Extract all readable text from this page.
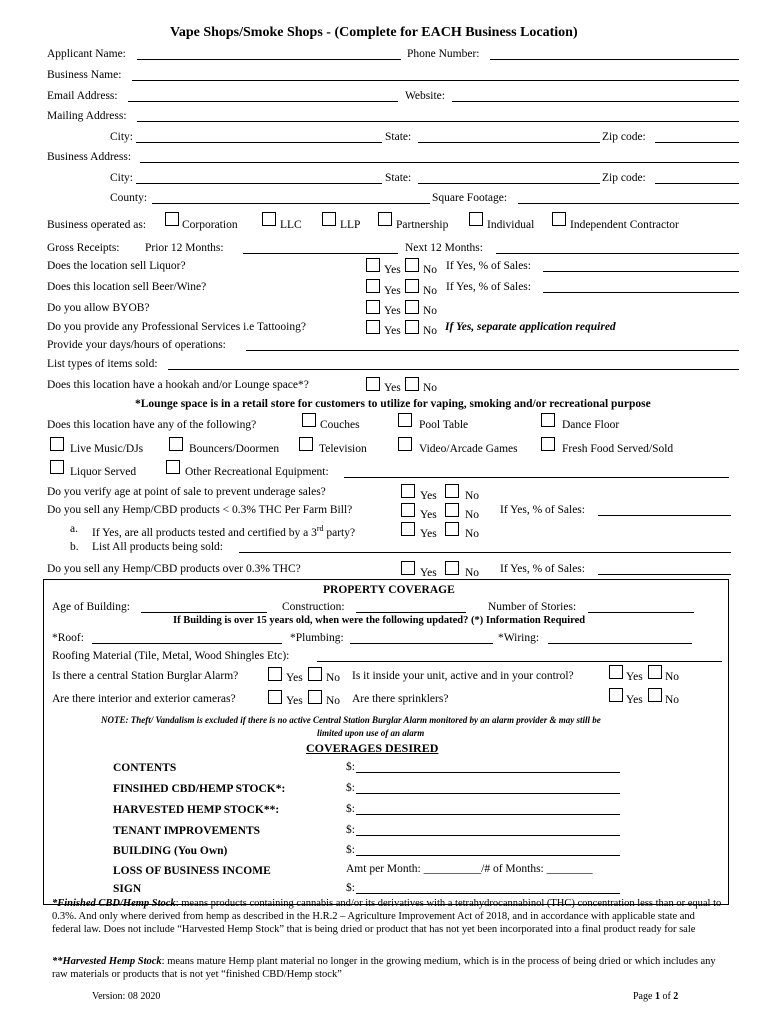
Vape Shops/Smoke Shops - (Complete for EACH Business Location)
Applicant Name:	Phone Number:
Business Name:
Email Address:	Website:
Mailing Address:
City:	State:	Zip code:
Business Address:
City:	State:	Zip code:
County:	Square Footage:
Business operated as:	Corporation	LLC	LLP	Partnership	Individual	Independent Contractor
Gross Receipts: Prior 12 Months:	Next 12 Months:
Does the location sell Liquor?	Yes No If Yes, % of Sales:
Does this location sell Beer/Wine?	Yes No If Yes, % of Sales:
Do you allow BYOB?	Yes No
Do you provide any Professional Services i.e Tattooing?	Yes No If Yes, separate application required
Provide your days/hours of operations:
List types of items sold:
Does this location have a hookah and/or Lounge space*?	Yes No
*Lounge space is in a retail store for customers to utilize for vaping, smoking and/or recreational purpose
Does this location have any of the following?	Couches	Pool Table	Dance Floor
Live Music/DJs	Bouncers/Doormen	Television	Video/Arcade Games	Fresh Food Served/Sold
Liquor Served	Other Recreational Equipment:
Do you verify age at point of sale to prevent underage sales?	Yes No
Do you sell any Hemp/CBD products < 0.3% THC Per Farm Bill?	Yes No If Yes, % of Sales:
a. If Yes, are all products tested and certified by a 3rd party?	Yes No
b. List All products being sold:
Do you sell any Hemp/CBD products over 0.3% THC?	Yes No If Yes, % of Sales:
PROPERTY COVERAGE
Age of Building:	Construction:	Number of Stories:
If Building is over 15 years old, when were the following updated? (*) Information Required
*Roof:	*Plumbing:	*Wiring:
Roofing Material (Tile, Metal, Wood Shingles Etc):
Is there a central Station Burglar Alarm?	Yes No Is it inside your unit, active and in your control?	Yes No
Are there interior and exterior cameras?	Yes No Are there sprinklers?	Yes No
NOTE: Theft/ Vandalism is excluded if there is no active Central Station Burglar Alarm monitored by an alarm provider & may still be
limited upon use of an alarm
COVERAGES DESIRED
CONTENTS	$:
FINSIHED CBD/HEMP STOCK*:	$:
HARVESTED HEMP STOCK**:	$:
TENANT IMPROVEMENTS	$:
BUILDING (You Own)	$:
LOSS OF BUSINESS INCOME	Amt per Month: __________/# of Months: ________
SIGN	$:
*Finished CBD/Hemp Stock: means products containing cannabis and/or its derivatives with a tetrahydrocannabinol (THC) concentration less than or equal to 0.3%. And only where derived from hemp as described in the H.R.2 – Agriculture Improvement Act of 2018, and in accordance with applicable state and federal law. Does not include “Harvested Hemp Stock” that is being dried or product that has not yet been incorporated into a final product ready for sale
**Harvested Hemp Stock: means mature Hemp plant material no longer in the growing medium, which is in the process of being dried or which includes any raw materials or products that is not yet “finished CBD/Hemp stock”
Version: 08 2020	Page 1 of 2
